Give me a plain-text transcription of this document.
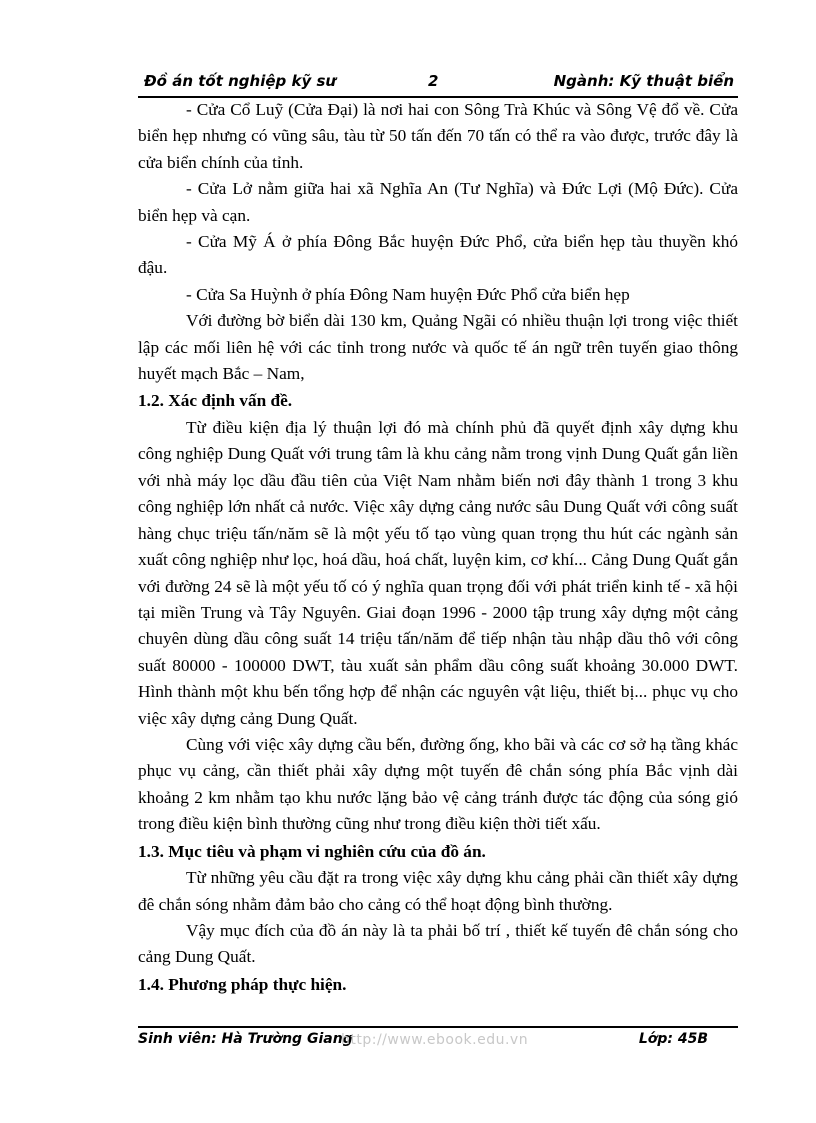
Đồ án tốt nghiệp kỹ sư	2	Ngành: Kỹ thuật biển

- Cửa Cổ Luỹ (Cửa Đại) là nơi hai con Sông Trà Khúc và Sông Vệ đổ về. Cửa biển hẹp nhưng có vũng sâu, tàu từ 50 tấn đến 70 tấn có thể ra vào được, trước đây là cửa biển chính của tỉnh.

- Cửa Lở nằm giữa hai xã Nghĩa An (Tư Nghĩa) và Đức Lợi (Mộ Đức). Cửa biển hẹp và cạn.

- Cửa Mỹ Á ở phía Đông Bắc huyện Đức Phổ, cửa biển hẹp tàu thuyền khó đậu.

- Cửa Sa Huỳnh ở phía Đông Nam huyện Đức Phổ cửa biển hẹp

Với đường bờ biển dài 130 km, Quảng Ngãi có nhiều thuận lợi trong việc thiết lập các mối liên hệ với các tỉnh trong nước và quốc tế án ngữ trên tuyến giao thông huyết mạch Bắc – Nam,

1.2. Xác định vấn đề.

Từ điều kiện địa lý thuận lợi đó mà chính phủ đã quyết định xây dựng khu công nghiệp Dung Quất với trung tâm là khu cảng nằm trong vịnh Dung Quất gắn liền với nhà máy lọc dầu đầu tiên của Việt Nam nhằm biến nơi đây thành 1 trong 3 khu công nghiệp lớn nhất cả nước. Việc xây dựng cảng nước sâu Dung Quất với công suất hàng chục triệu tấn/năm sẽ là một yếu tố tạo vùng quan trọng thu hút các ngành sản xuất công nghiệp như lọc, hoá dầu, hoá chất, luyện kim, cơ khí... Cảng Dung Quất gắn với đường 24 sẽ là một yếu tố có ý nghĩa quan trọng đối với phát triển kinh tế - xã hội tại miền Trung và Tây Nguyên. Giai đoạn 1996 - 2000 tập trung xây dựng một cảng chuyên dùng dầu công suất 14 triệu tấn/năm để tiếp nhận tàu nhập dầu thô với công suất 80000 - 100000 DWT, tàu xuất sản phẩm dầu công suất khoảng 30.000 DWT. Hình thành một khu bến tổng hợp để nhận các nguyên vật liệu, thiết bị... phục vụ cho việc xây dựng cảng Dung Quất.

Cùng với việc xây dựng cầu bến, đường ống, kho bãi và các cơ sở hạ tầng khác phục vụ cảng, cần thiết phải xây dựng một tuyến đê chắn sóng phía Bắc vịnh dài khoảng 2 km nhằm tạo khu nước lặng bảo vệ cảng tránh được tác động của sóng gió trong điều kiện bình thường cũng như trong điều kiện thời tiết xấu.

1.3. Mục tiêu và phạm vi nghiên cứu của đồ án.

Từ những yêu cầu đặt ra trong việc xây dựng khu cảng phải cần thiết xây dựng đê chắn sóng nhằm đảm bảo cho cảng có thể hoạt động bình thường.

Vậy mục đích của đồ án này là ta phải bố trí , thiết kế tuyến đê chắn sóng cho cảng Dung Quất.

1.4. Phương pháp thực hiện.
Sinh viên: Hà Trường Giang
http://www.ebook.edu.vn	Lớp: 45B
